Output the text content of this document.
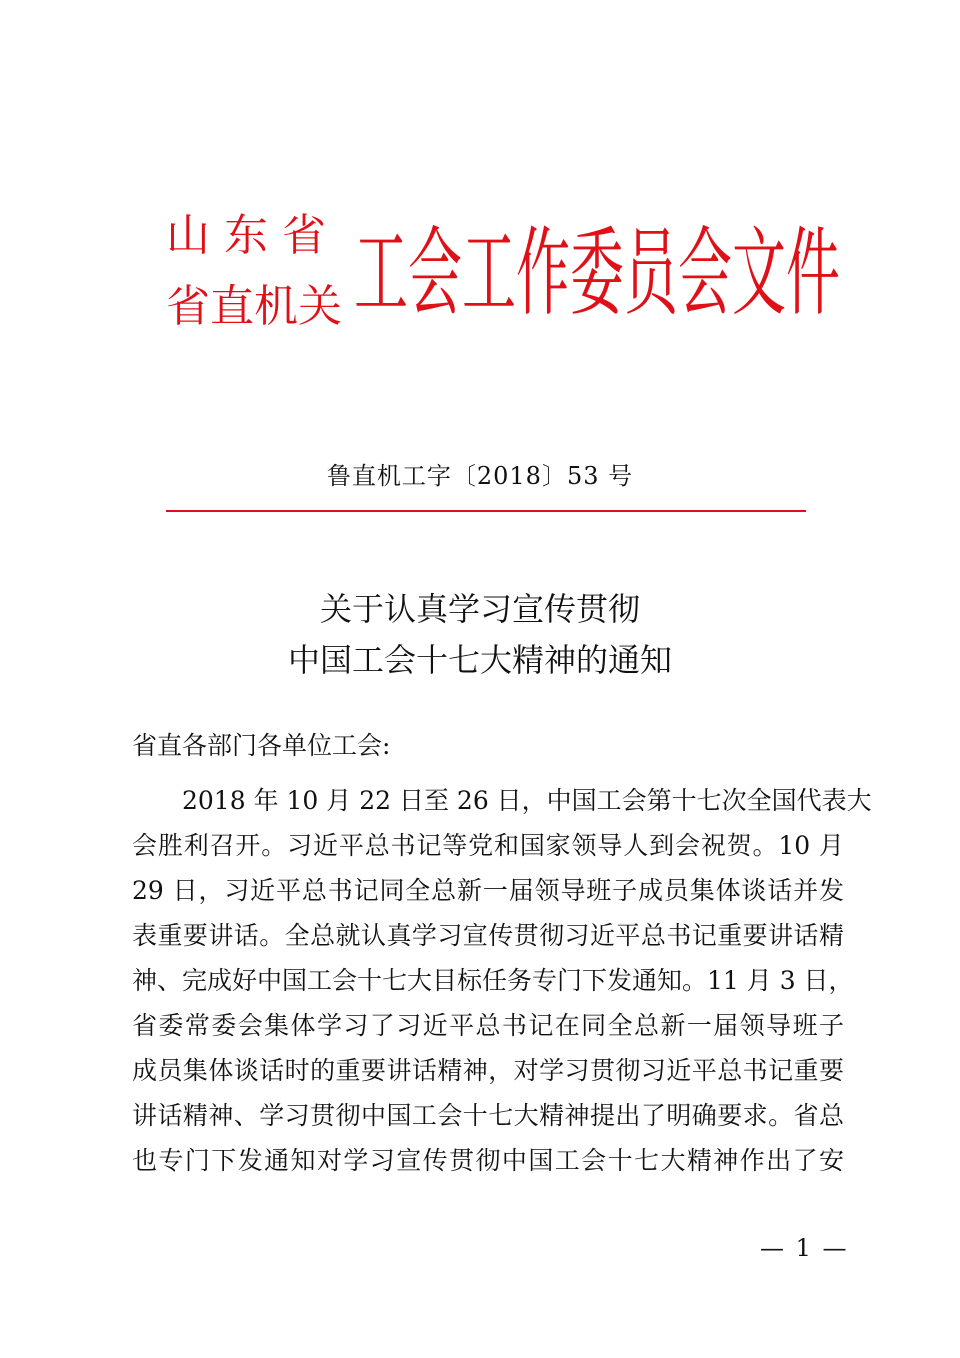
山东省
省直机关 工会工作委员会文件
鲁直机工字〔2018〕53 号
关于认真学习宣传贯彻
中国工会十七大精神的通知
省直各部门各单位工会:
　　2018 年 10 月 22 日至 26 日，中国工会第十七次全国代表大
会胜利召开。习近平总书记等党和国家领导人到会祝贺。10 月
29 日，习近平总书记同全总新一届领导班子成员集体谈话并发
表重要讲话。全总就认真学习宣传贯彻习近平总书记重要讲话精
神、完成好中国工会十七大目标任务专门下发通知。11 月 3 日，
省委常委会集体学习了习近平总书记在同全总新一届领导班子
成员集体谈话时的重要讲话精神，对学习贯彻习近平总书记重要
讲话精神、学习贯彻中国工会十七大精神提出了明确要求。省总
也专门下发通知对学习宣传贯彻中国工会十七大精神作出了安
— 1 —
